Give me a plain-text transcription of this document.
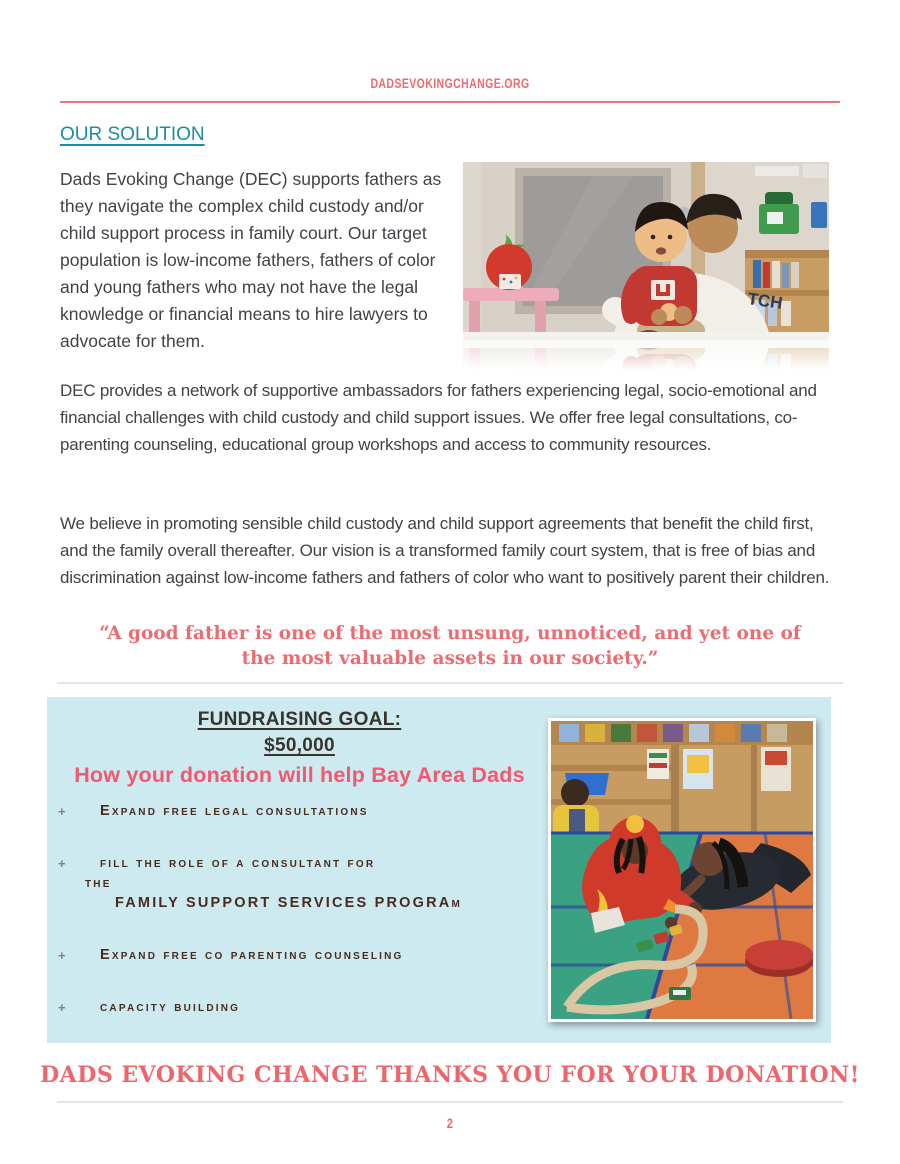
DADSEVOKINGCHANGE.ORG
OUR SOLUTION

Dads Evoking Change (DEC) supports fathers as they navigate the complex child custody and/or child support process in family court. Our target population is low-income fathers, fathers of color and young fathers who may not have the legal knowledge or financial means to hire lawyers to advocate for them.

DEC provides a network of supportive ambassadors for fathers experiencing legal, socio-emotional and financial challenges with child custody and child support issues. We offer free legal consultations, co-parenting counseling, educational group workshops and access to community resources.

We believe in promoting sensible child custody and child support agreements that benefit the child first, and the family overall thereafter. Our vision is a transformed family court system, that is free of bias and discrimination against low-income fathers and fathers of color who want to positively parent their children.

“A good father is one of the most unsung, unnoticed, and yet one of the most valuable assets in our society.”

FUNDRAISING GOAL:
$50,000
How your donation will help Bay Area Dads
+ Expand free legal consultations
+ fill the role of a consultant for
the
FAMILY SUPPORT SERVICES PROGRAm
+ Expand free co parenting counseling
+ capacity building

DADS EVOKING CHANGE THANKS YOU FOR YOUR DONATION!

2
